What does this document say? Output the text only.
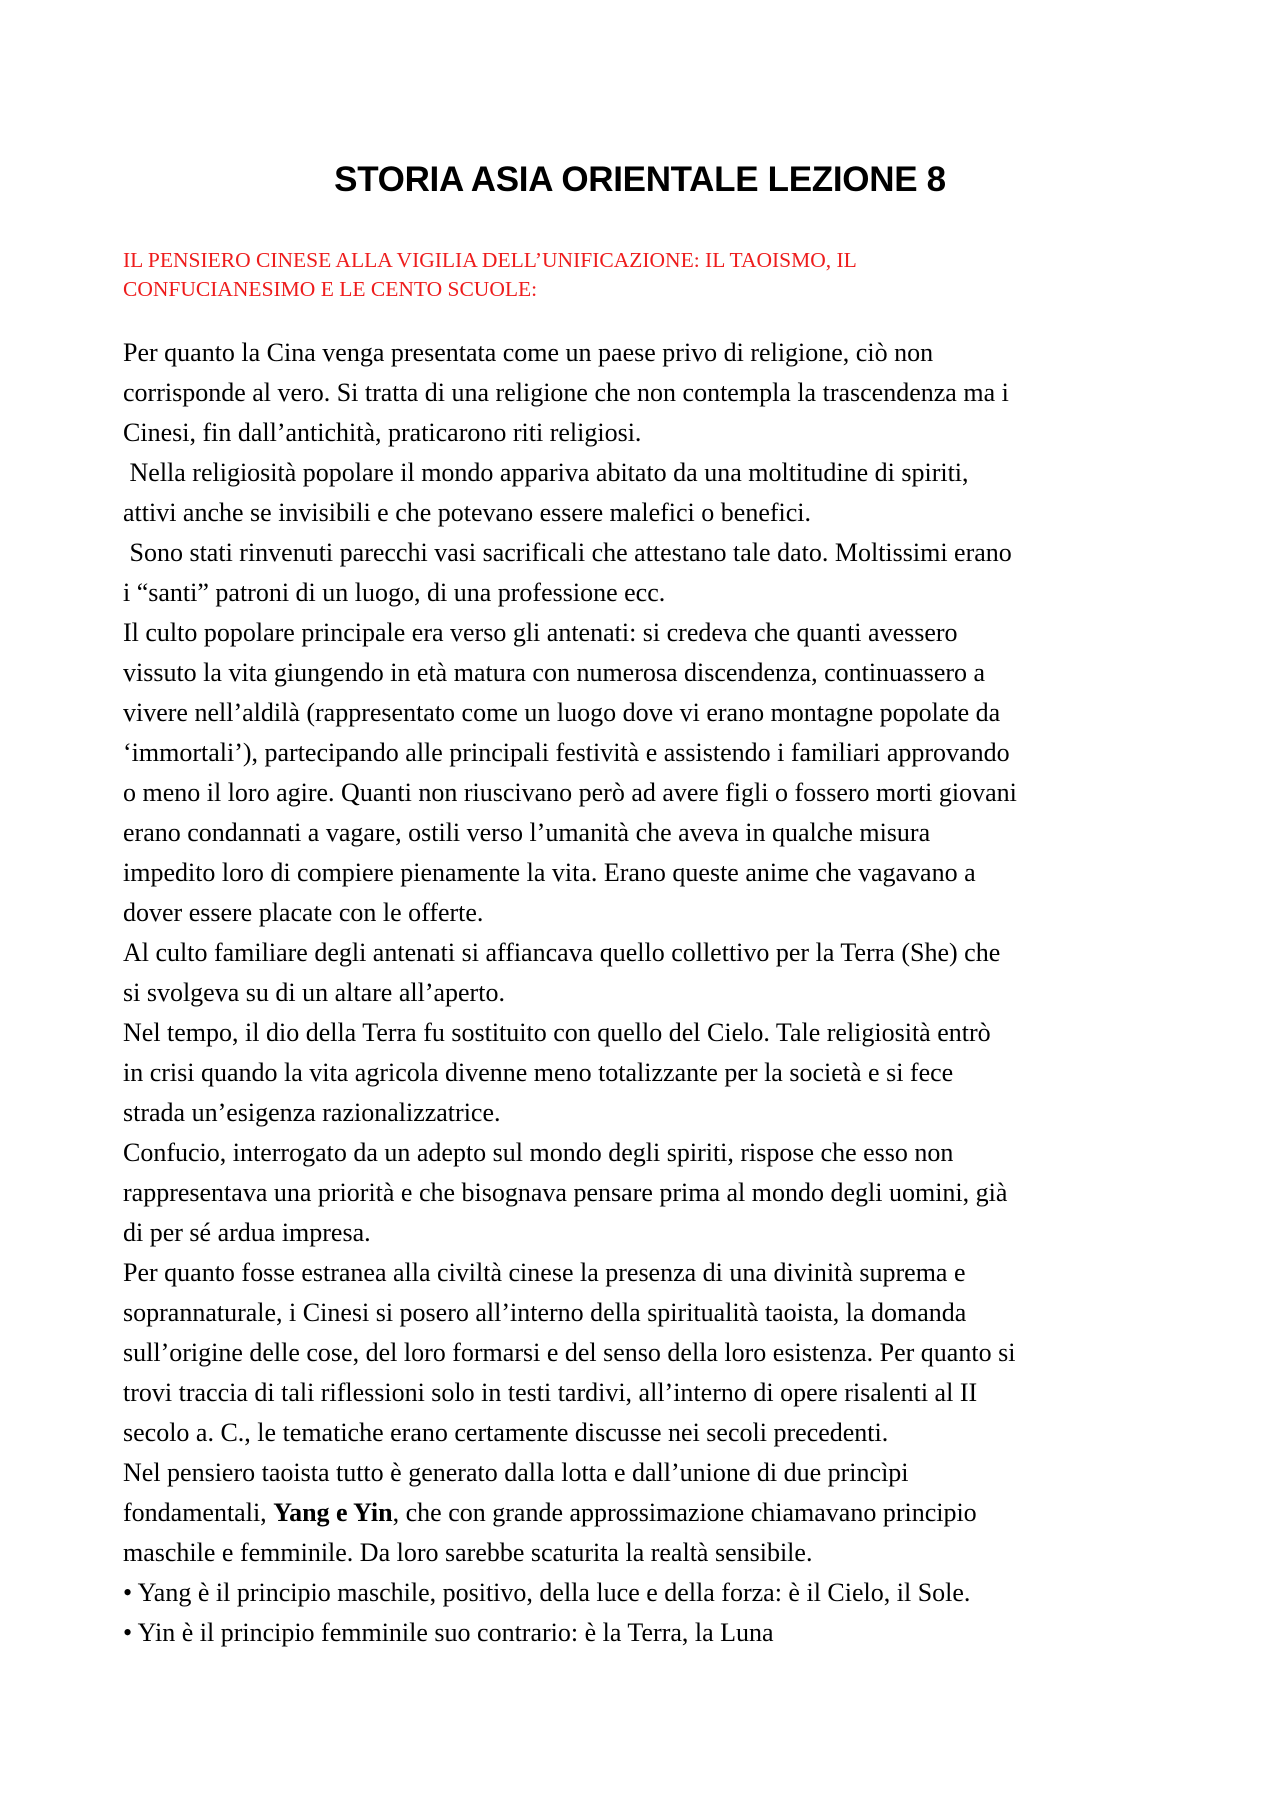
STORIA ASIA ORIENTALE LEZIONE 8
IL PENSIERO CINESE ALLA VIGILIA DELL’UNIFICAZIONE: IL TAOISMO, IL
CONFUCIANESIMO E LE CENTO SCUOLE:
Per quanto la Cina venga presentata come un paese privo di religione, ciò non
corrisponde al vero. Si tratta di una religione che non contempla la trascendenza ma i
Cinesi, fin dall’antichità, praticarono riti religiosi.
Nella religiosità popolare il mondo appariva abitato da una moltitudine di spiriti,
attivi anche se invisibili e che potevano essere malefici o benefici.
Sono stati rinvenuti parecchi vasi sacrificali che attestano tale dato. Moltissimi erano
i “santi” patroni di un luogo, di una professione ecc.
Il culto popolare principale era verso gli antenati: si credeva che quanti avessero
vissuto la vita giungendo in età matura con numerosa discendenza, continuassero a
vivere nell’aldilà (rappresentato come un luogo dove vi erano montagne popolate da
‘immortali’), partecipando alle principali festività e assistendo i familiari approvando
o meno il loro agire. Quanti non riuscivano però ad avere figli o fossero morti giovani
erano condannati a vagare, ostili verso l’umanità che aveva in qualche misura
impedito loro di compiere pienamente la vita. Erano queste anime che vagavano a
dover essere placate con le offerte.
Al culto familiare degli antenati si affiancava quello collettivo per la Terra (She) che
si svolgeva su di un altare all’aperto.
Nel tempo, il dio della Terra fu sostituito con quello del Cielo. Tale religiosità entrò
in crisi quando la vita agricola divenne meno totalizzante per la società e si fece
strada un’esigenza razionalizzatrice.
Confucio, interrogato da un adepto sul mondo degli spiriti, rispose che esso non
rappresentava una priorità e che bisognava pensare prima al mondo degli uomini, già
di per sé ardua impresa.
Per quanto fosse estranea alla civiltà cinese la presenza di una divinità suprema e
soprannaturale, i Cinesi si posero all’interno della spiritualità taoista, la domanda
sull’origine delle cose, del loro formarsi e del senso della loro esistenza. Per quanto si
trovi traccia di tali riflessioni solo in testi tardivi, all’interno di opere risalenti al II
secolo a. C., le tematiche erano certamente discusse nei secoli precedenti.
Nel pensiero taoista tutto è generato dalla lotta e dall’unione di due princìpi
fondamentali, Yang e Yin, che con grande approssimazione chiamavano principio
maschile e femminile. Da loro sarebbe scaturita la realtà sensibile.
• Yang è il principio maschile, positivo, della luce e della forza: è il Cielo, il Sole.
• Yin è il principio femminile suo contrario: è la Terra, la Luna
